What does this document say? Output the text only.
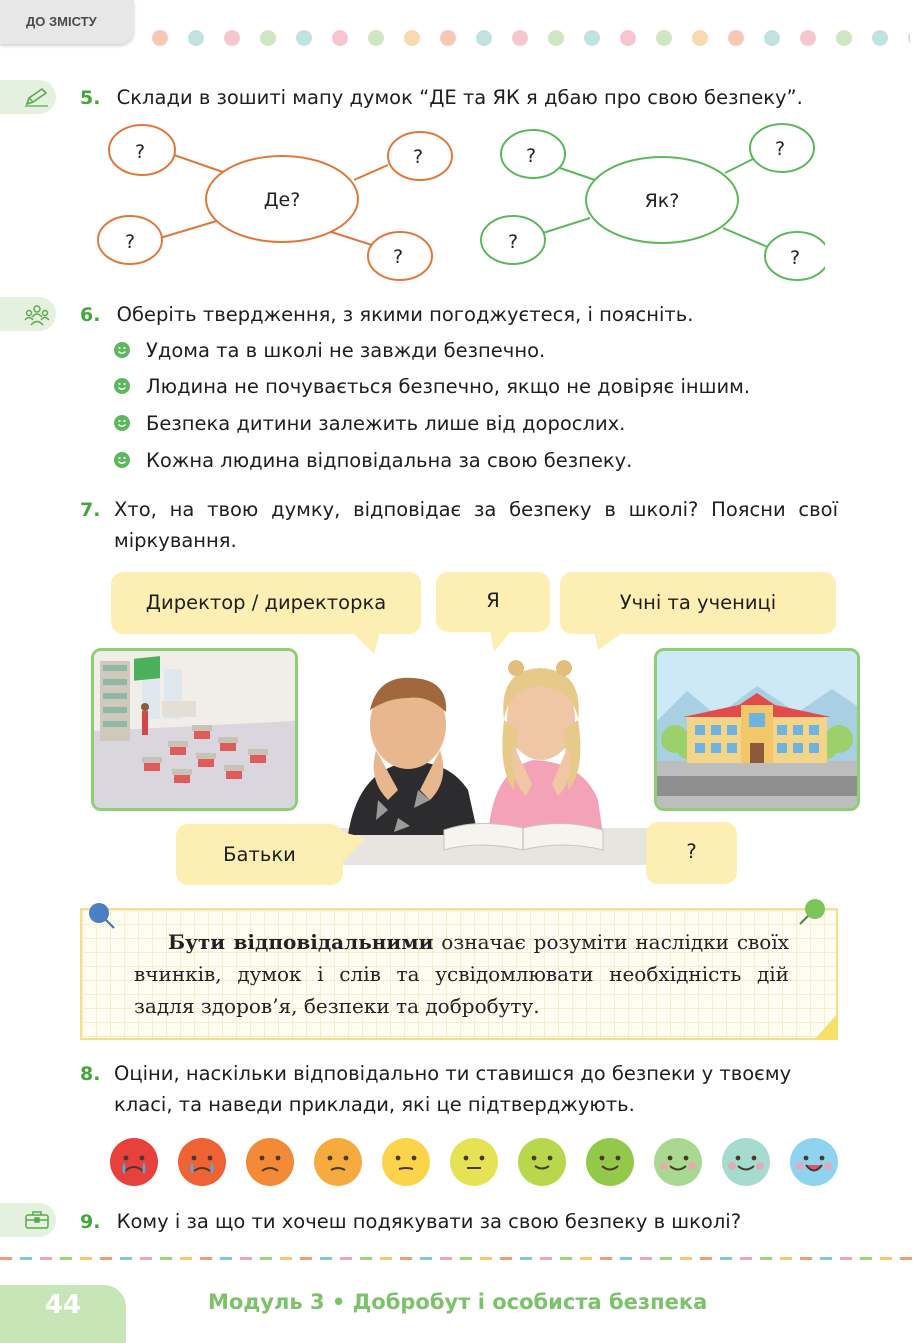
ДО ЗМІСТУ
5. Склади в зошиті мапу думок “ДЕ та ЯК я дбаю про свою безпеку”.
Де?
?	?
?
?
Як?
?	?
?
?
6. Оберіть твердження, з якими погоджуєтеся, і поясніть.
Удома та в школі не завжди безпечно.
Людина не почувається безпечно, якщо не довіряє іншим.
Безпека дитини залежить лише від дорослих.
Кожна людина відповідальна за свою безпеку.
7. Хто, на твою думку, відповідає за безпеку в школі? Поясни свої міркування.
Директор / директорка	Я	Учні та учениці
Батьки	?
Бути відповідальними означає розуміти наслідки своїх вчинків, думок і слів та усвідомлювати необхідність дій задля здоров’я, безпеки та добробуту.
8. Оціни, наскільки відповідально ти ставишся до безпеки у твоєму класі, та наведи приклади, які це підтверджують.
9. Кому і за що ти хочеш подякувати за свою безпеку в школі?
44	Модуль 3 • Добробут і особиста безпека
